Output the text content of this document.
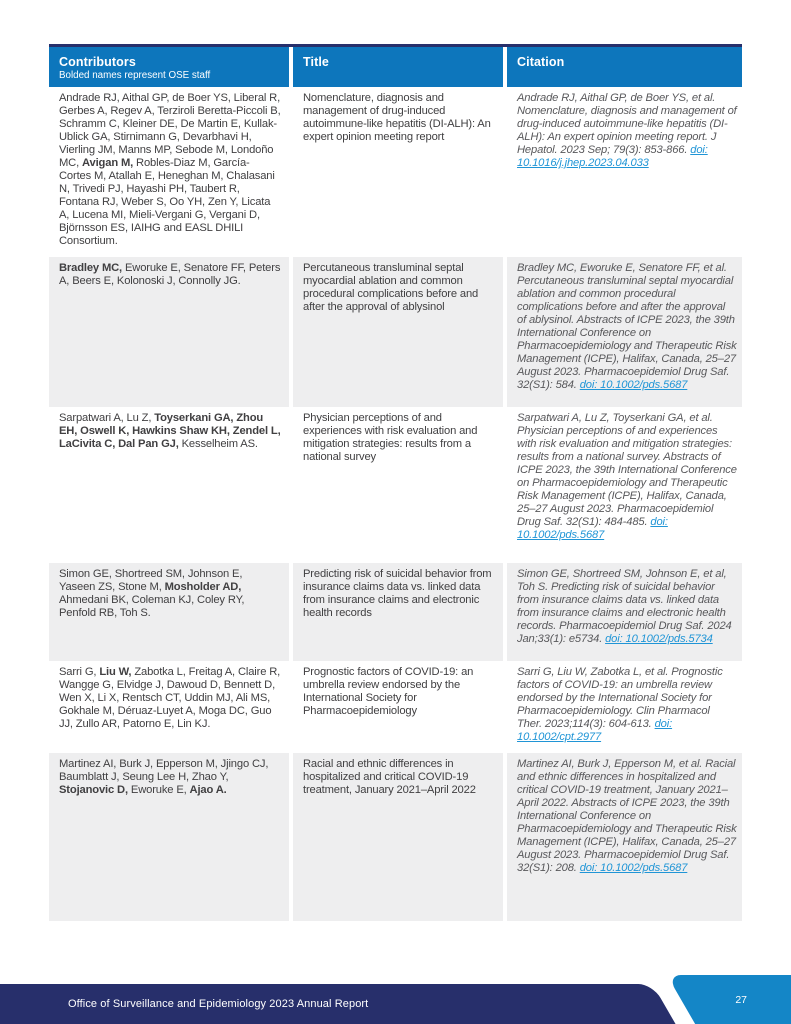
Contributors
Bolded names represent OSE staff
Title	Citation
Andrade RJ, Aithal GP, de Boer YS, Liberal R, Gerbes A, Regev A, Terziroli Beretta-Piccoli B, Schramm C, Kleiner DE, De Martin E, Kullak-Ublick GA, Stirnimann G, Devarbhavi H, Vierling JM, Manns MP, Sebode M, Londoño MC, Avigan M, Robles-Diaz M, García-Cortes M, Atallah E, Heneghan M, Chalasani N, Trivedi PJ, Hayashi PH, Taubert R, Fontana RJ, Weber S, Oo YH, Zen Y, Licata A, Lucena MI, Mieli-Vergani G, Vergani D, Björnsson ES, IAIHG and EASL DHILI Consortium.
Nomenclature, diagnosis and management of drug-induced autoimmune-like hepatitis (DI-ALH): An expert opinion meeting report
Andrade RJ, Aithal GP, de Boer YS, et al. Nomenclature, diagnosis and management of drug-induced autoimmune-like hepatitis (DI-ALH): An expert opinion meeting report. J Hepatol. 2023 Sep; 79(3): 853-866. doi: 10.1016/j.jhep.2023.04.033
Bradley MC, Eworuke E, Senatore FF, Peters A, Beers E, Kolonoski J, Connolly JG.
Percutaneous transluminal septal myocardial ablation and common procedural complications before and after the approval of ablysinol
Bradley MC, Eworuke E, Senatore FF, et al. Percutaneous transluminal septal myocardial ablation and common procedural complications before and after the approval of ablysinol. Abstracts of ICPE 2023, the 39th International Conference on Pharmacoepidemiology and Therapeutic Risk Management (ICPE), Halifax, Canada, 25–27 August 2023. Pharmacoepidemiol Drug Saf. 32(S1): 584. doi: 10.1002/pds.5687
Sarpatwari A, Lu Z, Toyserkani GA, Zhou EH, Oswell K, Hawkins Shaw KH, Zendel L, LaCivita C, Dal Pan GJ, Kesselheim AS.
Physician perceptions of and experiences with risk evaluation and mitigation strategies: results from a national survey
Sarpatwari A, Lu Z, Toyserkani GA, et al. Physician perceptions of and experiences with risk evaluation and mitigation strategies: results from a national survey. Abstracts of ICPE 2023, the 39th International Conference on Pharmacoepidemiology and Therapeutic Risk Management (ICPE), Halifax, Canada, 25–27 August 2023. Pharmacoepidemiol Drug Saf. 32(S1): 484-485. doi: 10.1002/pds.5687
Simon GE, Shortreed SM, Johnson E, Yaseen ZS, Stone M, Mosholder AD, Ahmedani BK, Coleman KJ, Coley RY, Penfold RB, Toh S.
Predicting risk of suicidal behavior from insurance claims data vs. linked data from insurance claims and electronic health records
Simon GE, Shortreed SM, Johnson E, et al, Toh S. Predicting risk of suicidal behavior from insurance claims data vs. linked data from insurance claims and electronic health records. Pharmacoepidemiol Drug Saf. 2024 Jan;33(1): e5734. doi: 10.1002/pds.5734
Sarri G, Liu W, Zabotka L, Freitag A, Claire R, Wangge G, Elvidge J, Dawoud D, Bennett D, Wen X, Li X, Rentsch CT, Uddin MJ, Ali MS, Gokhale M, Déruaz-Luyet A, Moga DC, Guo JJ, Zullo AR, Patorno E, Lin KJ.
Prognostic factors of COVID-19: an umbrella review endorsed by the International Society for Pharmacoepidemiology
Sarri G, Liu W, Zabotka L, et al. Prognostic factors of COVID-19: an umbrella review endorsed by the International Society for Pharmacoepidemiology. Clin Pharmacol Ther. 2023;114(3): 604-613. doi: 10.1002/cpt.2977
Martinez AI, Burk J, Epperson M, Jjingo CJ, Baumblatt J, Seung Lee H, Zhao Y, Stojanovic D, Eworuke E, Ajao A.
Racial and ethnic differences in hospitalized and critical COVID-19 treatment, January 2021–April 2022
Martinez AI, Burk J, Epperson M, et al. Racial and ethnic differences in hospitalized and critical COVID-19 treatment, January 2021–April 2022. Abstracts of ICPE 2023, the 39th International Conference on Pharmacoepidemiology and Therapeutic Risk Management (ICPE), Halifax, Canada, 25–27 August 2023. Pharmacoepidemiol Drug Saf. 32(S1): 208. doi: 10.1002/pds.5687
Office of Surveillance and Epidemiology 2023 Annual Report	27
